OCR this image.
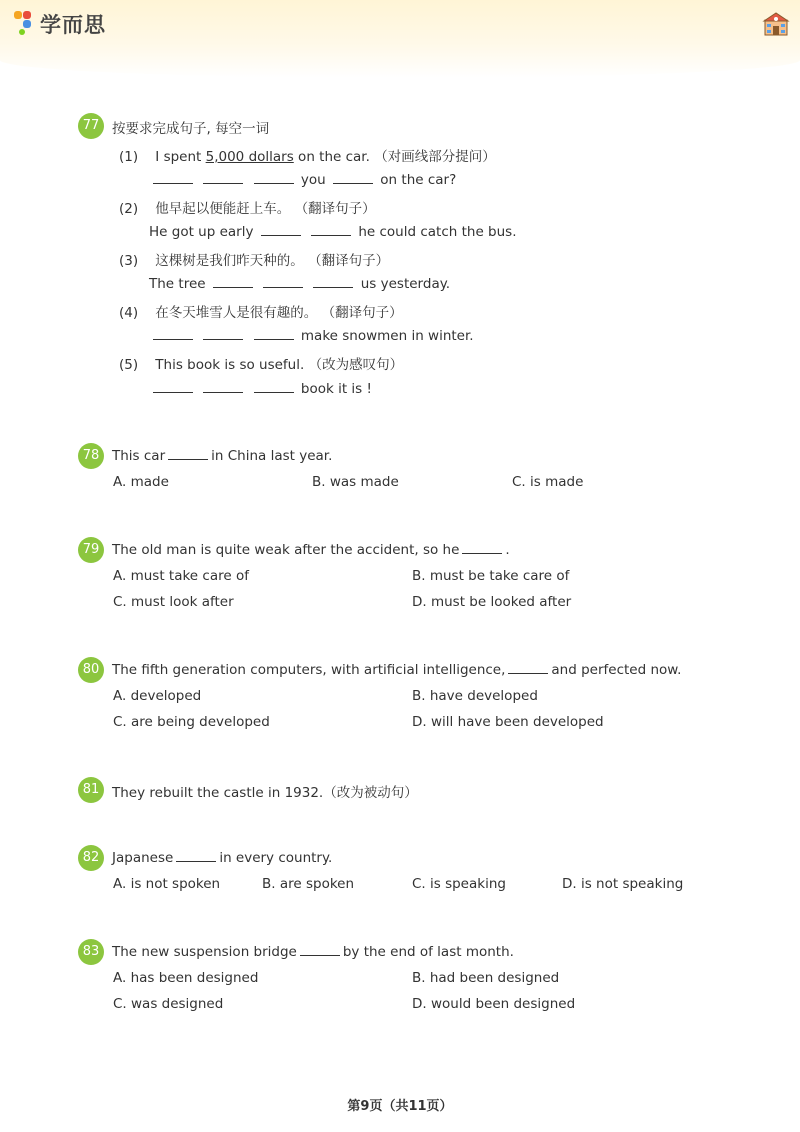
学而思
77 按要求完成句子, 每空一词
(1) I spent 5,000 dollars on the car. （对画线部分提问）
you	on the car?
(2) 他早起以便能赶上车。 （翻译句子）
He got up early	he could catch the bus.
(3) 这棵树是我们昨天种的。 （翻译句子）
The tree	us yesterday.
(4) 在冬天堆雪人是很有趣的。 （翻译句子）
make snowmen in winter.
(5) This book is so useful. （改为感叹句）
book it is !
78 This car	in China last year.
A. made	B. was made	C. is made
79 The old man is quite weak after the accident, so he	.
A. must take care of	B. must be take care of
C. must look after	D. must be looked after
80 The fifth generation computers, with artificial intelligence,	and perfected now.
A. developed	B. have developed
C. are being developed	D. will have been developed
81 They rebuilt the castle in 1932.（改为被动句）
82 Japanese	in every country.
A. is not spoken	B. are spoken	C. is speaking	D. is not speaking
83 The new suspension bridge	by the end of last month.
A. has been designed	B. had been designed
C. was designed	D. would been designed
第9页（共11页）
